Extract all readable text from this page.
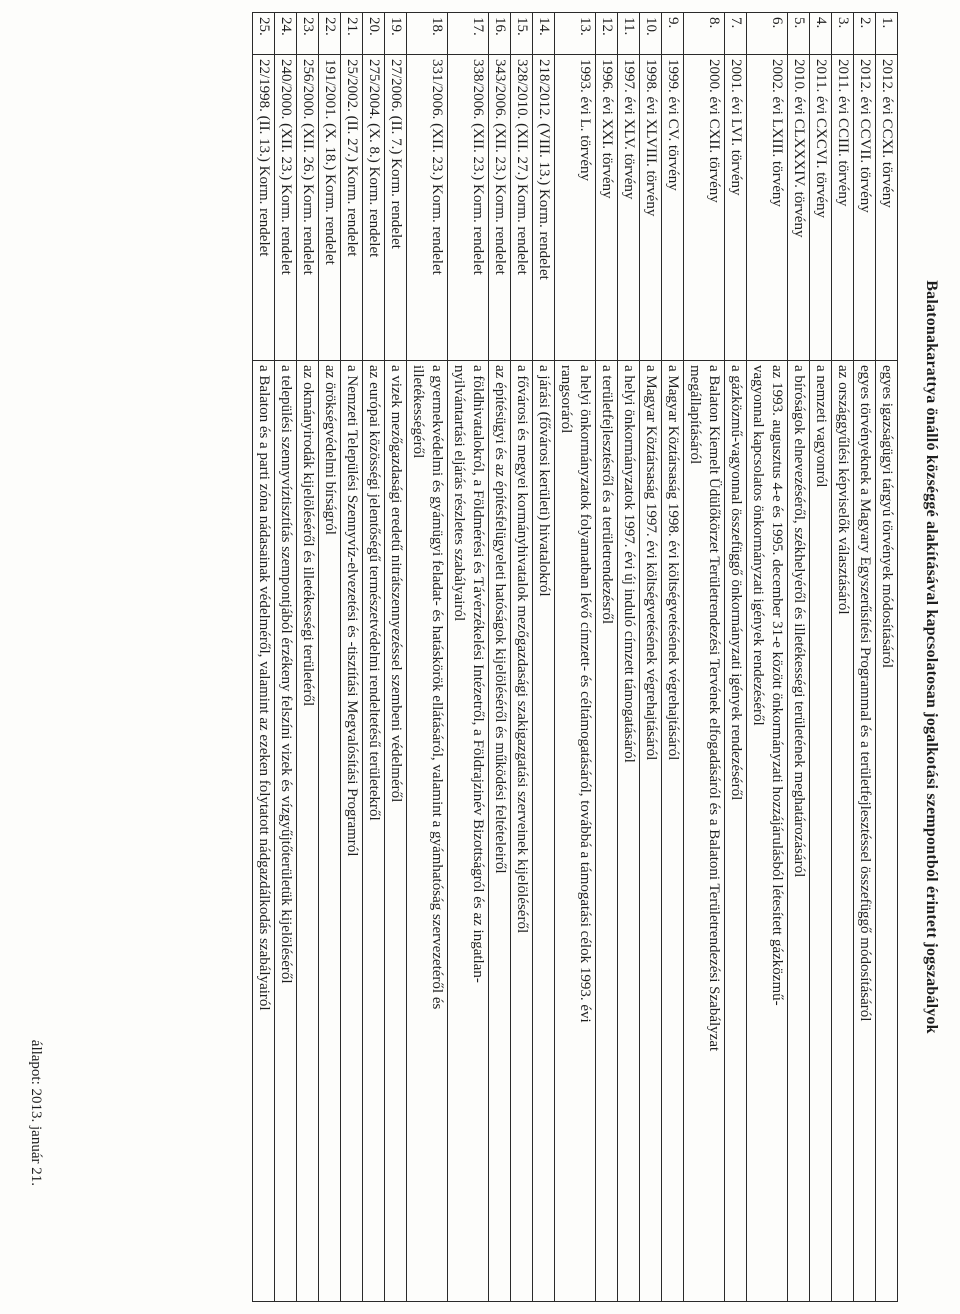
Balatonakarattya önálló községgé alakításával kapcsolatosan jogalkotási szempontból érintett jogszabályok
1.	2012. évi CCXI. törvény	egyes igazságügyi tárgyú törvények módosításáról

2.	2012. évi CCVII. törvény	egyes törvényeknek a Magyary Egyszerűsítési Programmal és a területfejlesztéssel összefüggő módosításáról

3.	2011. évi CCIII. törvény	az országgyűlési képviselők választásáról

4.	2011. évi CXCVI. törvény	a nemzeti vagyonról

5.	2010. évi CLXXXIV. törvény	a bíróságok elnevezéséről, székhelyéről és illetékességi területének meghatározásáról

6.	2002. évi LXIII. törvény	az 1993. augusztus 4-e és 1995. december 31-e között önkormányzati hozzájárulásból létesített gázközmű-
vagyonnal kapcsolatos önkormányzati igények rendezéséről

7.	2001. évi LVI. törvény	a gázközmű-vagyonnal összefüggő önkormányzati igények rendezéséről

8.	2000. évi CXII. törvény	a Balaton Kiemelt Üdülőkörzet Területrendezési Tervének elfogadásáról és a Balatoni Területrendezési Szabályzat
megállapításáról

9.	1999. évi CV. törvény	a Magyar Köztársaság 1998. évi költségvetésének végrehajtásáról

10.	1998. évi XLVIII. törvény	a Magyar Köztársaság 1997. évi költségvetésének végrehajtásáról

11.	1997. évi XLV. törvény	a helyi önkormányzatok 1997. évi új induló címzett támogatásáról

12.	1996. évi XXI. törvény	a területfejlesztésről és a területrendezésről

13.	1993. évi L. törvény	a helyi önkormányzatok folyamatban lévő címzett- és céltámogatásáról, továbbá a támogatási célok 1993. évi
rangsoráról

14.	218/2012. (VIII. 13.) Korm. rendelet	a járási (fővárosi kerületi) hivatalokról

15.	328/2010. (XII. 27.) Korm. rendelet	a fővárosi és megyei kormányhivatalok mezőgazdasági szakigazgatási szerveinek kijelöléséről

16.	343/2006. (XII. 23.) Korm. rendelet	az építésügyi és az építésfelügyeleti hatóságok kijelöléséről és működési feltételeiről

17.	338/2006. (XII. 23.) Korm. rendelet	a földhivatalokról, a Földmérési és Távérzékelési Intézetről, a Földrajzinév Bizottságról és az ingatlan-
nyilvántartási eljárás részletes szabályairól

18.	331/2006. (XII. 23.) Korm. rendelet	a gyermekvédelmi és gyámügyi feladat- és hatáskörök ellátásáról, valamint a gyámhatóság szervezetéről és
illetékességéről

19.	27/2006. (II. 7.) Korm. rendelet	a vizek mezőgazdasági eredetű nitrátszennyezéssel szembeni védelméről

20.	275/2004. (X. 8.) Korm. rendelet	az európai közösségi jelentőségű természetvédelmi rendeltetésű területekről

21.	25/2002. (II. 27.) Korm. rendelet	a Nemzeti Települési Szennyvíz-elvezetési és -tisztítási Megvalósítási Programról

22.	191/2001. (X. 18.) Korm. rendelet	az örökségvédelmi bírságról

23.	256/2000. (XII. 26.) Korm. rendelet	az okmányirodák kijelöléséről és illetékességi területéről

24.	240/2000. (XII. 23.) Korm. rendelet	a települési szennyvíztisztítás szempontjából érzékeny felszíni vizek és vízgyűjtőterületük kijelöléséről

25.	22/1998. (II. 13.) Korm. rendelet	a Balaton és a parti zóna nádasainak védelméről, valamint az ezeken folytatott nádgazdálkodás szabályairól
állapot: 2013. január 21.
